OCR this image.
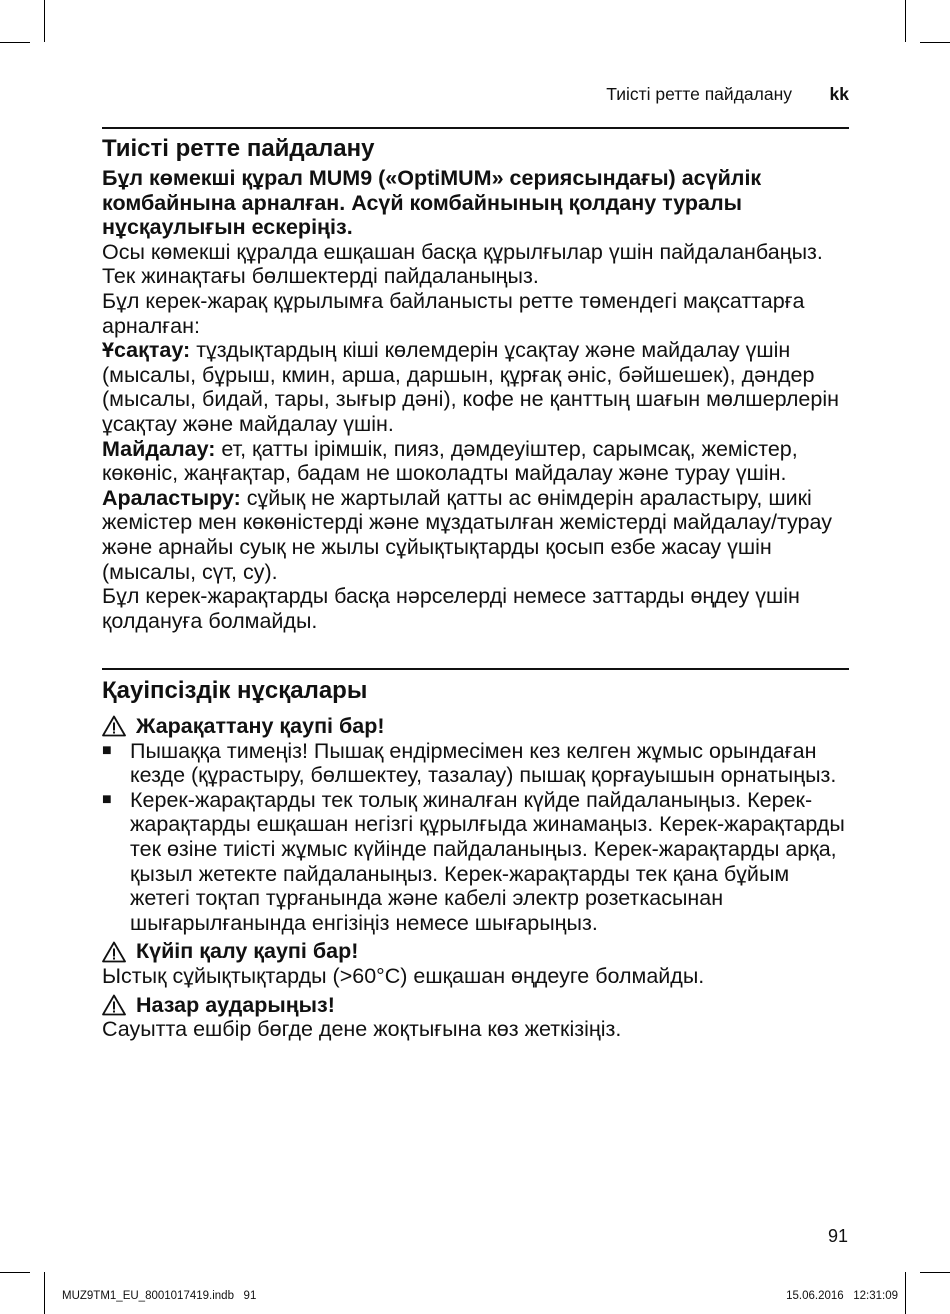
Тиісті ретте пайдалану kk

Тиісті ретте пайдалану

Бұл көмекші құрал MUM9 («OptiMUM» сериясындағы) асүйлік комбайнына арналған. Асүй комбайнының қолдану туралы нұсқаулығын ескеріңіз.

Осы көмекші құралда ешқашан басқа құрылғылар үшін пайдаланбаңыз. Тек жинақтағы бөлшектерді пайдаланыңыз.

Бұл керек-жарақ құрылымға байланысты ретте төмендегі мақсаттарға арналған:

Ұсақтау: тұздықтардың кіші көлемдерін ұсақтау және майдалау үшін (мысалы, бұрыш, кмин, арша, даршын, құрғақ әніс, бәйшешек), дәндер (мысалы, бидай, тары, зығыр дәні), кофе не қанттың шағын мөлшерлерін ұсақтау және майдалау үшін.

Майдалау: ет, қатты ірімшік, пияз, дәмдеуіштер, сарымсақ, жемістер, көкөніс, жаңғақтар, бадам не шоколадты майдалау және турау үшін.

Араластыру: сұйық не жартылай қатты ас өнімдерін араластыру, шикі жемістер мен көкөністерді және мұздатылған жемістерді майдалау/турау және арнайы суық не жылы сұйықтықтарды қосып езбе жасау үшін (мысалы, сүт, су).

Бұл керек-жарақтарды басқа нәрселерді немесе заттарды өңдеу үшін қолдануға болмайды.

Қауіпсіздік нұсқалары

Жарақаттану қаупі бар!

■ Пышаққа тимеңіз! Пышақ ендірмесімен кез келген жұмыс орындаған кезде (құрастыру, бөлшектеу, тазалау) пышақ қорғауышын орнатыңыз.
■ Керек-жарақтарды тек толық жиналған күйде пайдаланыңыз. Керек-жарақтарды ешқашан негізгі құрылғыда жинамаңыз. Керек-жарақтарды тек өзіне тиісті жұмыс күйінде пайдаланыңыз. Керек-жарақтарды арқа, қызыл жетекте пайдаланыңыз. Керек-жарақтарды тек қана бұйым жетегі тоқтап тұрғанында және кабелі электр розеткасынан шығарылғанында енгізіңіз немесе шығарыңыз.

Күйіп қалу қаупі бар!

Ыстық сұйықтықтарды (>60°C) ешқашан өңдеуге болмайды.

Назар аударыңыз!

Сауытта ешбір бөгде дене жоқтығына көз жеткізіңіз.

91
MUZ9TM1_EU_8001017419.indb   91	15.06.2016   12:31:09
